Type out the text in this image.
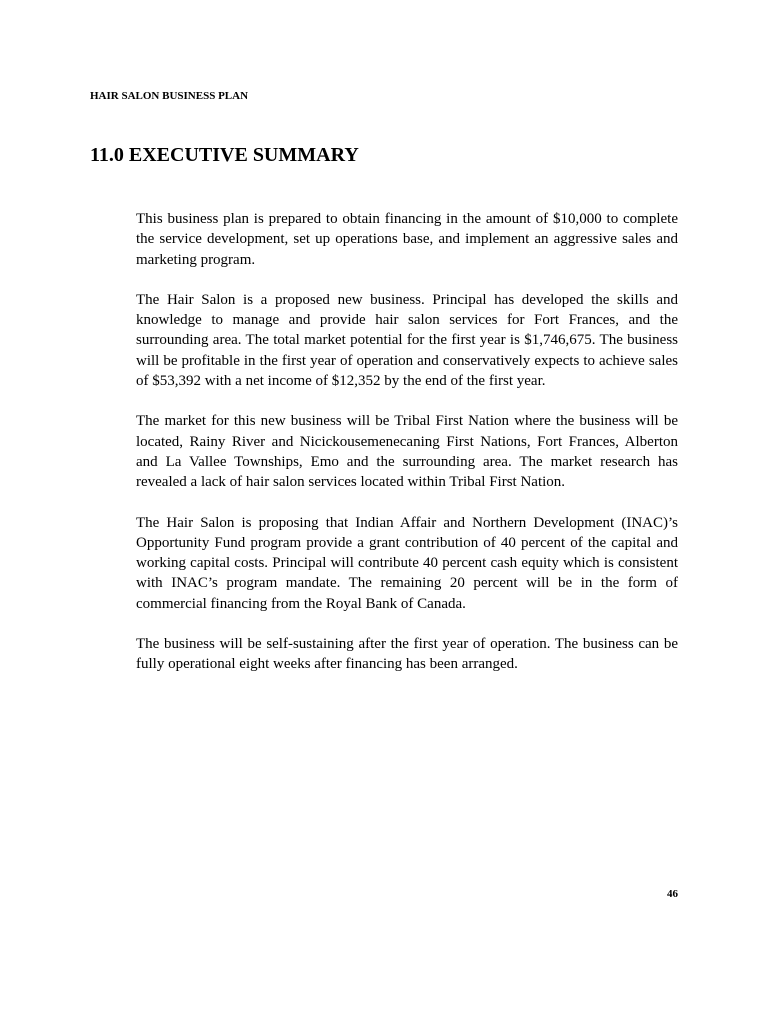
HAIR SALON BUSINESS PLAN
11.0 EXECUTIVE SUMMARY

This business plan is prepared to obtain financing in the amount of $10,000 to complete the service development, set up operations base, and implement an aggressive sales and marketing program.

The Hair Salon is a proposed new business. Principal has developed the skills and knowledge to manage and provide hair salon services for Fort Frances, and the surrounding area. The total market potential for the first year is $1,746,675. The business will be profitable in the first year of operation and conservatively expects to achieve sales of $53,392 with a net income of $12,352 by the end of the first year.

The market for this new business will be Tribal First Nation where the business will be located, Rainy River and Nicickousemenecaning First Nations, Fort Frances, Alberton and La Vallee Townships, Emo and the surrounding area. The market research has revealed a lack of hair salon services located within Tribal First Nation.

The Hair Salon is proposing that Indian Affair and Northern Development (INAC)’s Opportunity Fund program provide a grant contribution of 40 percent of the capital and working capital costs. Principal will contribute 40 percent cash equity which is consistent with INAC’s program mandate. The remaining 20 percent will be in the form of commercial financing from the Royal Bank of Canada.

The business will be self-sustaining after the first year of operation. The business can be fully operational eight weeks after financing has been arranged.

46
